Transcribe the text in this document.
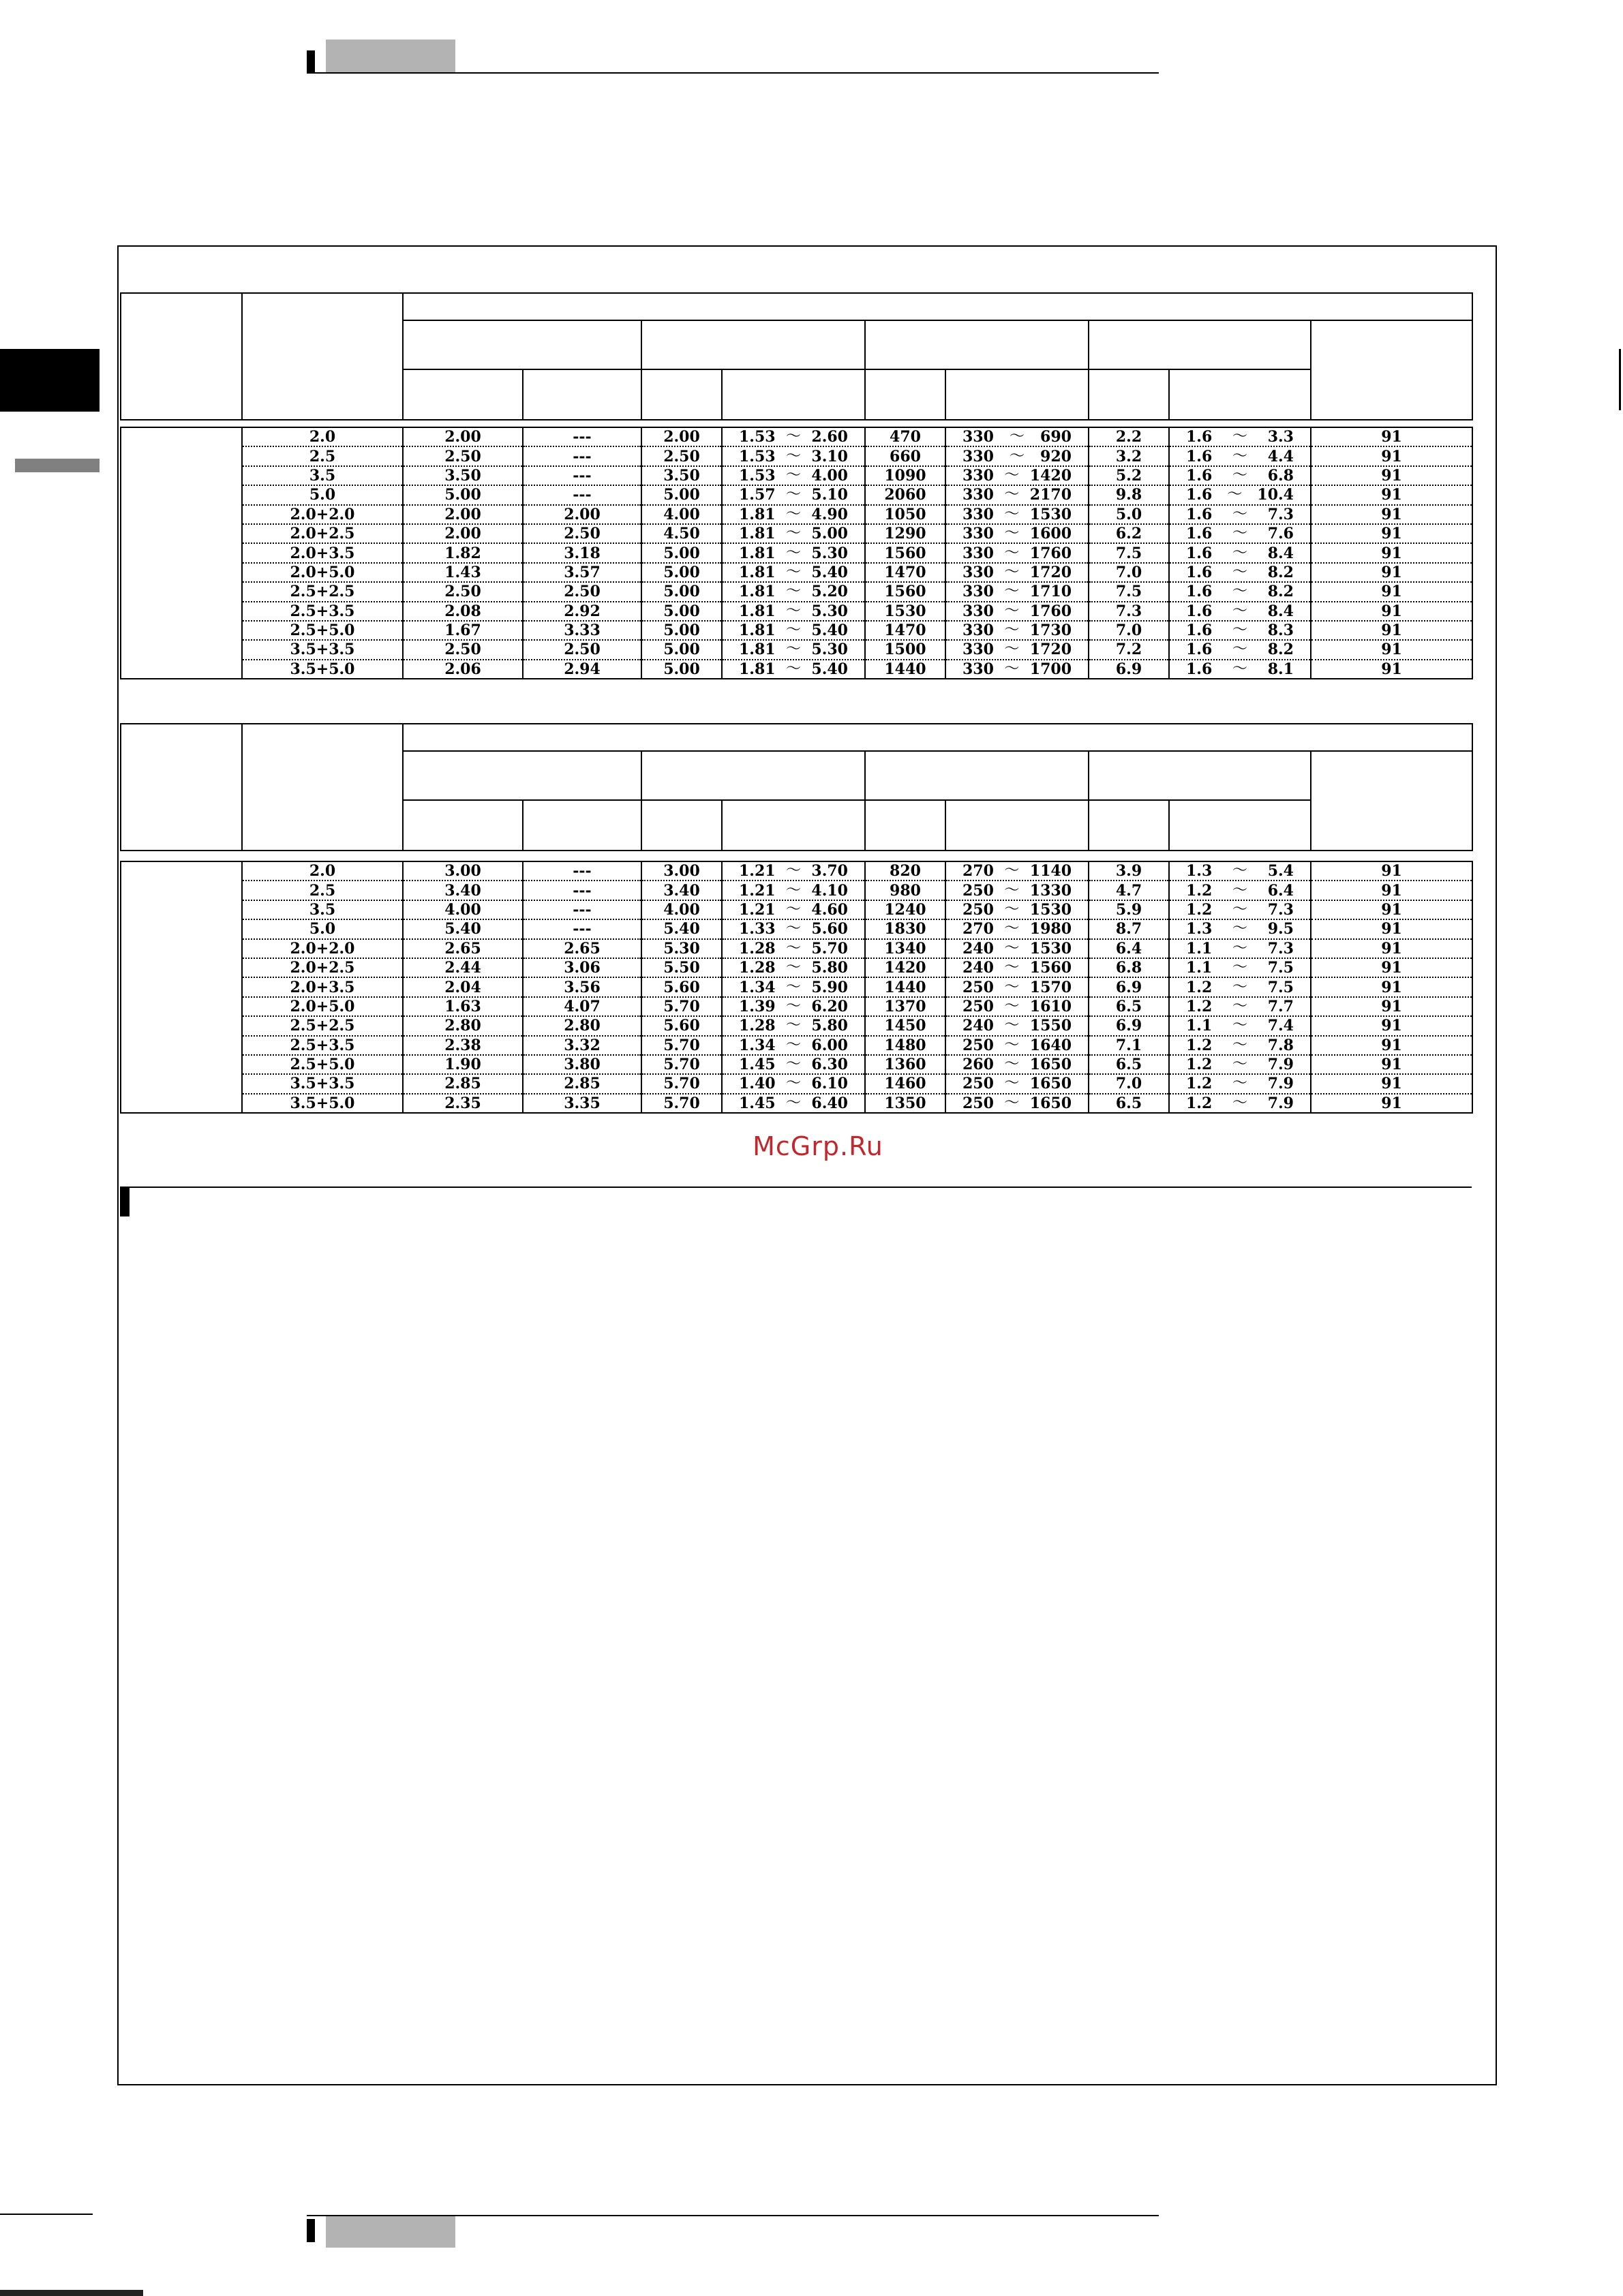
	2.0	2.00	---	2.00	1.53 〜 2.60	470	330 〜 690	2.2	1.6 〜 3.3	91
	2.5	2.50	---	2.50	1.53 〜 3.10	660	330 〜 920	3.2	1.6 〜 4.4	91
	3.5	3.50	---	3.50	1.53 〜 4.00	1090	330 〜 1420	5.2	1.6 〜 6.8	91
	5.0	5.00	---	5.00	1.57 〜 5.10	2060	330 〜 2170	9.8	1.6 〜 10.4	91
	2.0+2.0	2.00	2.00	4.00	1.81 〜 4.90	1050	330 〜 1530	5.0	1.6 〜 7.3	91
	2.0+2.5	2.00	2.50	4.50	1.81 〜 5.00	1290	330 〜 1600	6.2	1.6 〜 7.6	91
	2.0+3.5	1.82	3.18	5.00	1.81 〜 5.30	1560	330 〜 1760	7.5	1.6 〜 8.4	91
	2.0+5.0	1.43	3.57	5.00	1.81 〜 5.40	1470	330 〜 1720	7.0	1.6 〜 8.2	91
	2.5+2.5	2.50	2.50	5.00	1.81 〜 5.20	1560	330 〜 1710	7.5	1.6 〜 8.2	91
	2.5+3.5	2.08	2.92	5.00	1.81 〜 5.30	1530	330 〜 1760	7.3	1.6 〜 8.4	91
	2.5+5.0	1.67	3.33	5.00	1.81 〜 5.40	1470	330 〜 1730	7.0	1.6 〜 8.3	91
	3.5+3.5	2.50	2.50	5.00	1.81 〜 5.30	1500	330 〜 1720	7.2	1.6 〜 8.2	91
	3.5+5.0	2.06	2.94	5.00	1.81 〜 5.40	1440	330 〜 1700	6.9	1.6 〜 8.1	91

	2.0	3.00	---	3.00	1.21 〜 3.70	820	270 〜 1140	3.9	1.3 〜 5.4	91
	2.5	3.40	---	3.40	1.21 〜 4.10	980	250 〜 1330	4.7	1.2 〜 6.4	91
	3.5	4.00	---	4.00	1.21 〜 4.60	1240	250 〜 1530	5.9	1.2 〜 7.3	91
	5.0	5.40	---	5.40	1.33 〜 5.60	1830	270 〜 1980	8.7	1.3 〜 9.5	91
	2.0+2.0	2.65	2.65	5.30	1.28 〜 5.70	1340	240 〜 1530	6.4	1.1 〜 7.3	91
	2.0+2.5	2.44	3.06	5.50	1.28 〜 5.80	1420	240 〜 1560	6.8	1.1 〜 7.5	91
	2.0+3.5	2.04	3.56	5.60	1.34 〜 5.90	1440	250 〜 1570	6.9	1.2 〜 7.5	91
	2.0+5.0	1.63	4.07	5.70	1.39 〜 6.20	1370	250 〜 1610	6.5	1.2 〜 7.7	91
	2.5+2.5	2.80	2.80	5.60	1.28 〜 5.80	1450	240 〜 1550	6.9	1.1 〜 7.4	91
	2.5+3.5	2.38	3.32	5.70	1.34 〜 6.00	1480	250 〜 1640	7.1	1.2 〜 7.8	91
	2.5+5.0	1.90	3.80	5.70	1.45 〜 6.30	1360	260 〜 1650	6.5	1.2 〜 7.9	91
	3.5+3.5	2.85	2.85	5.70	1.40 〜 6.10	1460	250 〜 1650	7.0	1.2 〜 7.9	91
	3.5+5.0	2.35	3.35	5.70	1.45 〜 6.40	1350	250 〜 1650	6.5	1.2 〜 7.9	91
McGrp.Ru
